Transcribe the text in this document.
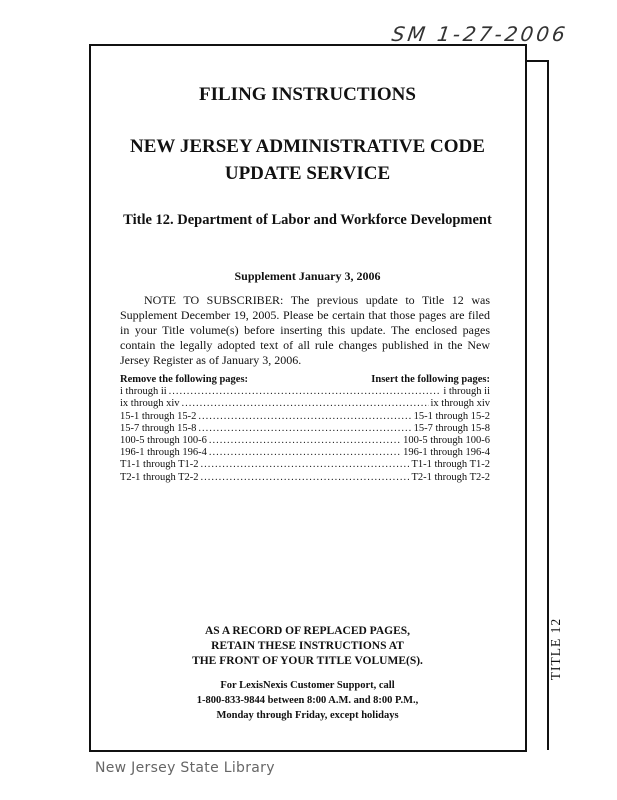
SM 1-27-2006
FILING INSTRUCTIONS
NEW JERSEY ADMINISTRATIVE CODE
UPDATE SERVICE
Title 12. Department of Labor and Workforce Development
Supplement January 3, 2006
NOTE TO SUBSCRIBER: The previous update to Title 12 was Supplement December 19, 2005. Please be certain that those pages are filed in your Title volume(s) before inserting this update. The enclosed pages contain the legally adopted text of all rule changes published in the New Jersey Register as of January 3, 2006.
Remove the following pages:	Insert the following pages:
i through ii .....	i through ii
ix through xiv .....	ix through xiv
15-1 through 15-2 .....	15-1 through 15-2
15-7 through 15-8 .....	15-7 through 15-8
100-5 through 100-6 .....	100-5 through 100-6
196-1 through 196-4 .....	196-1 through 196-4
T1-1 through T1-2 .....	T1-1 through T1-2
T2-1 through T2-2 .....	T2-1 through T2-2
AS A RECORD OF REPLACED PAGES,
RETAIN THESE INSTRUCTIONS AT
THE FRONT OF YOUR TITLE VOLUME(S).
For LexisNexis Customer Support, call
1-800-833-9844 between 8:00 A.M. and 8:00 P.M.,
Monday through Friday, except holidays
TITLE 12
New Jersey State Library
